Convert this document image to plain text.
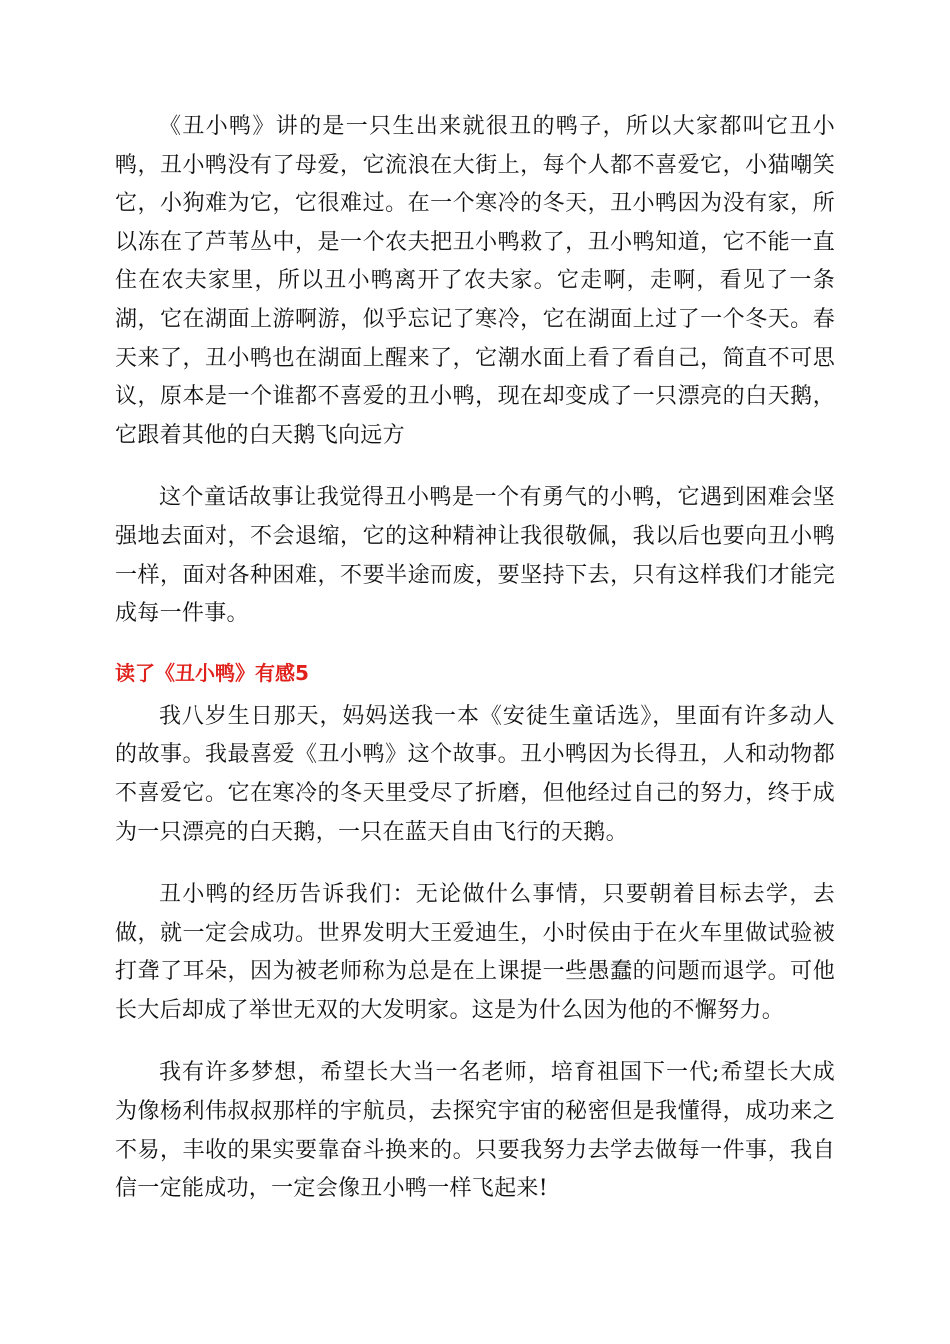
《丑小鸭》讲的是一只生出来就很丑的鸭子，所以大家都叫它丑小鸭，丑小鸭没有了母爱，它流浪在大街上，每个人都不喜爱它，小猫嘲笑它，小狗难为它，它很难过。在一个寒冷的冬天，丑小鸭因为没有家，所以冻在了芦苇丛中，是一个农夫把丑小鸭救了，丑小鸭知道，它不能一直住在农夫家里，所以丑小鸭离开了农夫家。它走啊，走啊，看见了一条湖，它在湖面上游啊游，似乎忘记了寒冷，它在湖面上过了一个冬天。春天来了，丑小鸭也在湖面上醒来了，它潮水面上看了看自己，简直不可思议，原本是一个谁都不喜爱的丑小鸭，现在却变成了一只漂亮的白天鹅，它跟着其他的白天鹅飞向远方

这个童话故事让我觉得丑小鸭是一个有勇气的小鸭，它遇到困难会坚强地去面对，不会退缩，它的这种精神让我很敬佩，我以后也要向丑小鸭一样，面对各种困难，不要半途而废，要坚持下去，只有这样我们才能完成每一件事。

读了《丑小鸭》有感5

我八岁生日那天，妈妈送我一本《安徒生童话选》，里面有许多动人的故事。我最喜爱《丑小鸭》这个故事。丑小鸭因为长得丑，人和动物都不喜爱它。它在寒冷的冬天里受尽了折磨，但他经过自己的努力，终于成为一只漂亮的白天鹅，一只在蓝天自由飞行的天鹅。

丑小鸭的经历告诉我们：无论做什么事情，只要朝着目标去学，去做，就一定会成功。世界发明大王爱迪生，小时侯由于在火车里做试验被打聋了耳朵，因为被老师称为总是在上课提一些愚蠢的问题而退学。可他长大后却成了举世无双的大发明家。这是为什么因为他的不懈努力。

我有许多梦想，希望长大当一名老师，培育祖国下一代;希望长大成为像杨利伟叔叔那样的宇航员，去探究宇宙的秘密但是我懂得，成功来之不易，丰收的果实要靠奋斗换来的。只要我努力去学去做每一件事，我自信一定能成功，一定会像丑小鸭一样飞起来!
